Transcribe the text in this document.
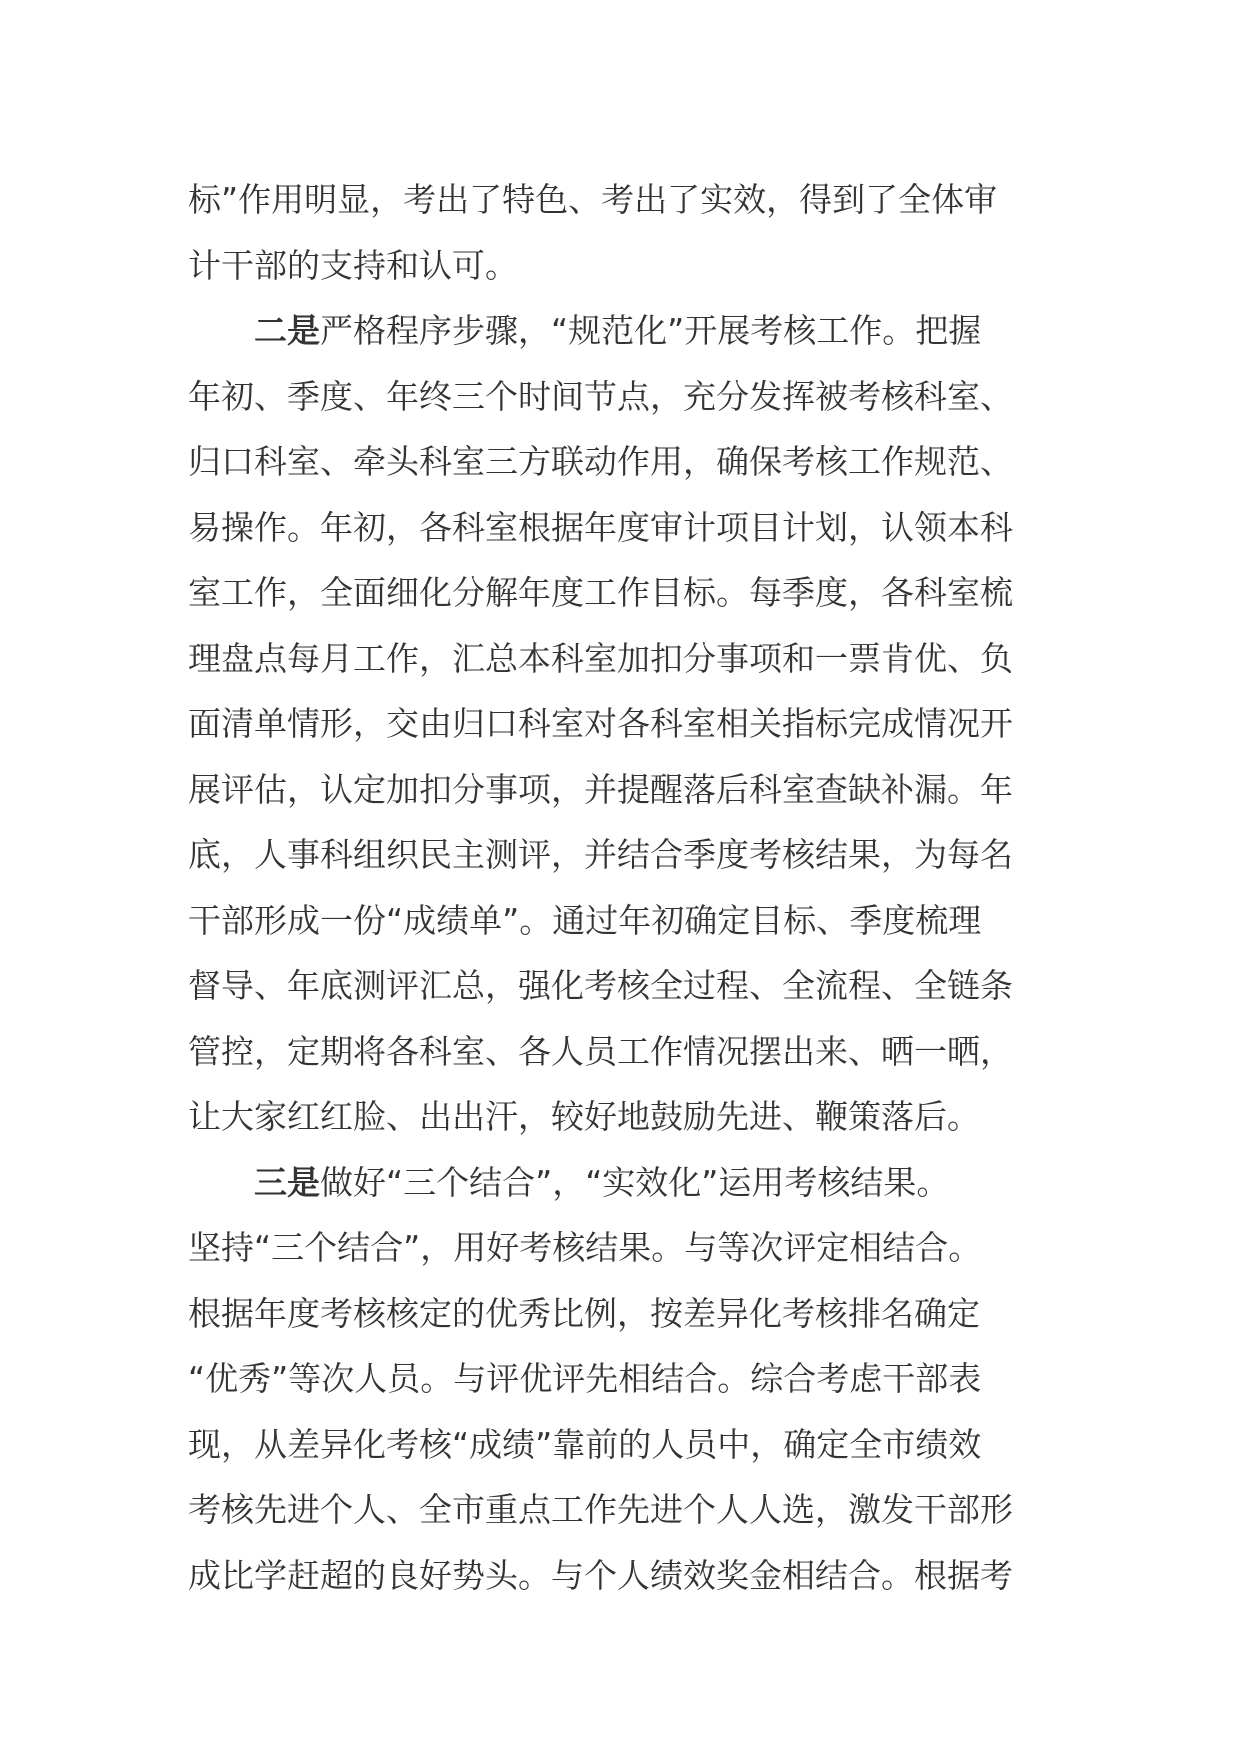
标”作用明显，考出了特色、考出了实效，得到了全体审
计干部的支持和认可。
二是严格程序步骤，“规范化”开展考核工作。把握
年初、季度、年终三个时间节点，充分发挥被考核科室、
归口科室、牵头科室三方联动作用，确保考核工作规范、
易操作。年初，各科室根据年度审计项目计划，认领本科
室工作，全面细化分解年度工作目标。每季度，各科室梳
理盘点每月工作，汇总本科室加扣分事项和一票肯优、负
面清单情形，交由归口科室对各科室相关指标完成情况开
展评估，认定加扣分事项，并提醒落后科室查缺补漏。年
底，人事科组织民主测评，并结合季度考核结果，为每名
干部形成一份“成绩单”。通过年初确定目标、季度梳理
督导、年底测评汇总，强化考核全过程、全流程、全链条
管控，定期将各科室、各人员工作情况摆出来、晒一晒，
让大家红红脸、出出汗，较好地鼓励先进、鞭策落后。
三是做好“三个结合”，“实效化”运用考核结果。
坚持“三个结合”，用好考核结果。与等次评定相结合。
根据年度考核核定的优秀比例，按差异化考核排名确定
“优秀”等次人员。与评优评先相结合。综合考虑干部表
现，从差异化考核“成绩”靠前的人员中，确定全市绩效
考核先进个人、全市重点工作先进个人人选，激发干部形
成比学赶超的良好势头。与个人绩效奖金相结合。根据考
